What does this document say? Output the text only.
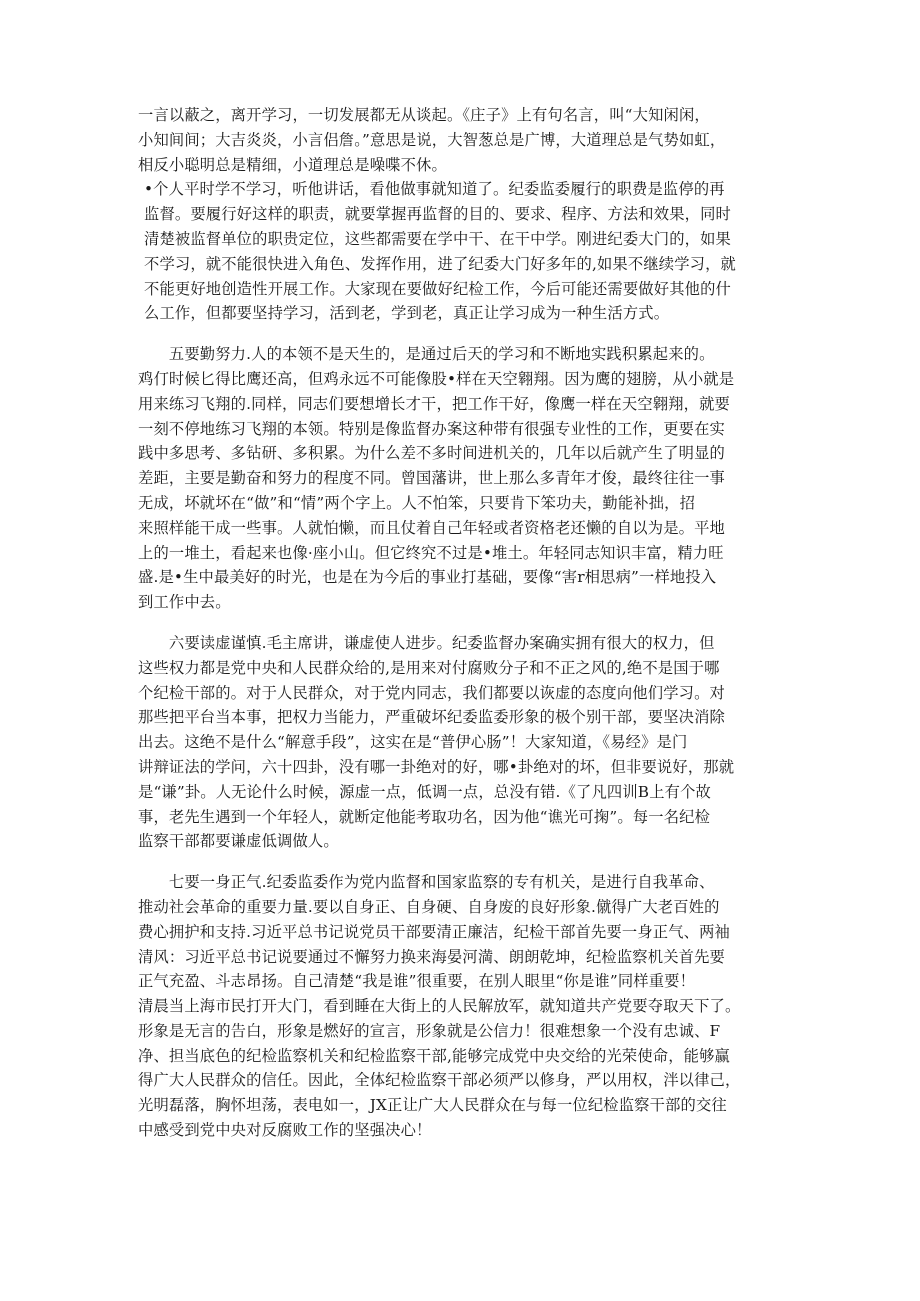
一言以蔽之，离开学习，一切发展都无从谈起。《庄子》上有句名言，叫“大知闲闲，
小知间间；大吉炎炎，小言侣詹。”意思是说，大智葱总是广博，大道理总是气势如虹，
相反小聪明总是精细，小道理总是噪喋不休。

•个人平时学不学习，听他讲话，看他做事就知道了。纪委监委履行的职费是监停的再
监督。要履行好这样的职责，就要掌握再监督的目的、要求、程序、方法和效果，同时
清楚被监督单位的职贵定位，这些都需要在学中干、在干中学。刚进纪委大门的，如果
不学习，就不能很快进入角色、发挥作用，进了纪委大门好多年的,如果不继续学习，就
不能更好地创造性开展工作。大家现在要做好纪检工作，今后可能还需要做好其他的什
么工作，但都要坚持学习，活到老，学到老，真正让学习成为一种生活方式。

　　五要勤努力.人的本领不是天生的，是通过后天的学习和不断地实践积累起来的。
鸡仃时候匕得比鹰还高，但鸡永远不可能像股•样在天空翱翔。因为鹰的翅膀，从小就是
用来练习飞翔的.同样，同志们要想增长才干，把工作干好，像鹰一样在天空翱翔，就要
一刻不停地练习飞翔的本领。特别是像监督办案这种带有很强专业性的工作，更要在实
践中多思考、多钻研、多积累。为什么差不多时间进机关的，几年以后就产生了明显的
差距，主要是勤奋和努力的程度不同。曾国藩讲，世上那么多青年才俊，最终往往一事
无成，坏就坏在“做”和“情”两个字上。人不怕笨，只要肯下笨功夫，勤能补拙，招
来照样能干成一些事。人就怕懒，而且仗着自己年轻或者资格老还懒的自以为是。平地
上的一堆土，看起来也像·座小山。但它终究不过是•堆土。年轻同志知识丰富，精力旺
盛.是•生中最美好的时光，也是在为今后的事业打基础，要像“害r相思病”一样地投入
到工作中去。

　　六要读虚谨慎.毛主席讲，谦虚使人进步。纪委监督办案确实拥有很大的权力，但
这些权力都是党中央和人民群众给的,是用来对付腐败分子和不正之风的,绝不是国于哪
个纪检干部的。对于人民群众，对于党内同志，我们都要以诙虚的态度向他们学习。对
那些把平台当本事，把权力当能力，严重破坏纪委监委形象的极个别干部，要坚决消除
出去。这绝不是什么“解意手段”，这实在是“普伊心肠”！大家知道，《易经》是门
讲辩证法的学问，六十四卦，没有哪一卦绝对的好，哪•卦绝对的坏，但非要说好，那就
是“谦”卦。人无论什么时候，源虚一点，低调一点，总没有错.《了凡四训B上有个故
事，老先生遇到一个年轻人，就断定他能考取功名，因为他“谯光可掬”。每一名纪检
监察干部都要谦虚低调做人。

　　七要一身正气.纪委监委作为党内监督和国家监察的专有机关，是进行自我革命、
推动社会革命的重要力量.要以自身正、自身硬、自身废的良好形象.僦得广大老百姓的
费心拥护和支持.习近平总书记说党员干部要清正廉洁，纪检干部首先要一身正气、两袖
清风：习近平总书记说要通过不懈努力换来海晏河満、朗朗乾坤，纪检监察机关首先要
正气充盈、斗志昂扬。自己清楚“我是谁”很重要，在别人眼里“你是谁”同样重要！
清晨当上海市民打开大门，看到睡在大街上的人民解放军，就知道共产党要夺取天下了。
形象是无言的告白，形象是燃好的宣言，形象就是公信力！很难想象一个没有忠诚、F
净、担当底色的纪检监察机关和纪检监察干部,能够完成党中央交给的光荣使命，能够赢
得广大人民群众的信任。因此，全体纪检监察干部必须严以修身，严以用权，泮以律己，
光明磊落，胸怀坦荡，表电如一，JX正让广大人民群众在与每一位纪检监察干部的交往
中感受到党中央对反腐败工作的坚强决心！
